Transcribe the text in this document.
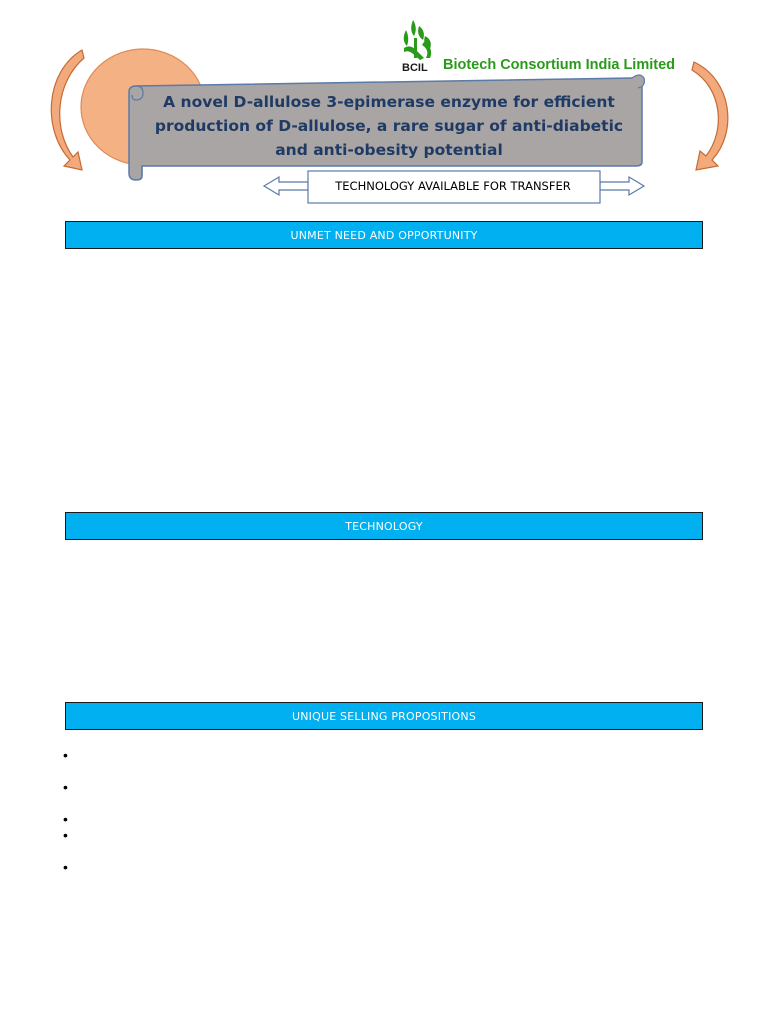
BCIL Biotech Consortium India Limited
A novel D-allulose 3-epimerase enzyme for efficient production of D-allulose, a rare sugar of anti-diabetic and anti-obesity potential
TECHNOLOGY AVAILABLE FOR TRANSFER
UNMET NEED AND OPPORTUNITY
TECHNOLOGY
UNIQUE SELLING PROPOSITIONS
•
•
•
•
•
